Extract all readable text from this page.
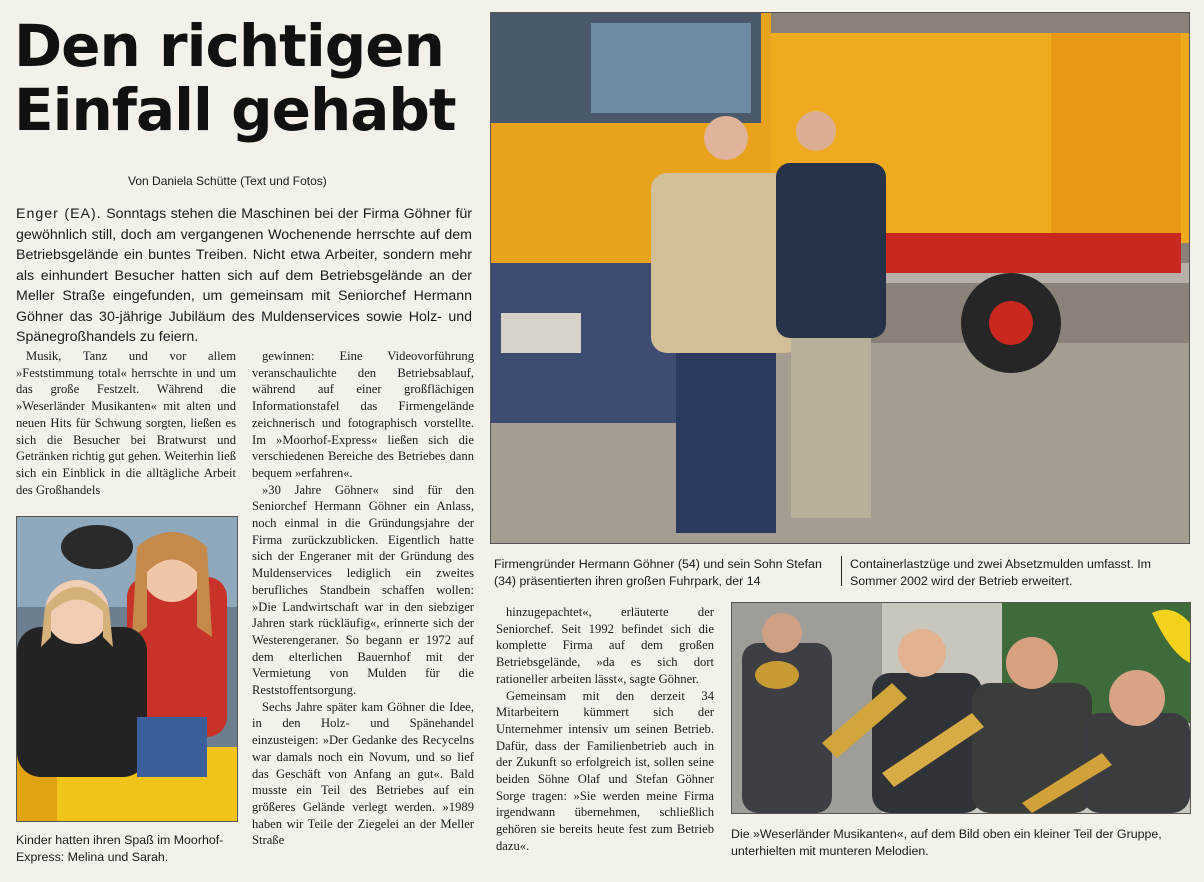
Den richtigen
Einfall gehabt
Von Daniela Schütte (Text und Fotos)
Enger (EA). Sonntags stehen die Maschinen bei der Firma Göhner für gewöhnlich still, doch am vergangenen Wochenende herrschte auf dem Betriebsgelände ein buntes Treiben. Nicht etwa Arbeiter, sondern mehr als einhundert Besucher hatten sich auf dem Betriebsgelände an der Meller Straße eingefunden, um gemeinsam mit Seniorchef Hermann Göhner das 30-jährige Jubiläum des Muldenservices sowie Holz- und Spänegroßhandels zu feiern.

Musik, Tanz und vor allem »Feststimmung total« herrschte in und um das große Festzelt. Während die »Weserländer Musikanten« mit alten und neuen Hits für Schwung sorgten, ließen es sich die Besucher bei Bratwurst und Getränken richtig gut gehen. Weiterhin ließ sich ein Einblick in die alltägliche Arbeit des Großhandels

gewinnen: Eine Videovorführung veranschaulichte den Betriebsablauf, während auf einer großflächigen Informationstafel das Firmengelände zeichnerisch und fotographisch vorstellte. Im »Moorhof-Express« ließen sich die verschiedenen Bereiche des Betriebes dann bequem »erfahren«.

»30 Jahre Göhner« sind für den Seniorchef Hermann Göhner ein Anlass, noch einmal in die Gründungsjahre der Firma zurückzublicken. Eigentlich hatte sich der Engeraner mit der Gründung des Muldenservices lediglich ein zweites berufliches Standbein schaffen wollen: »Die Landwirtschaft war in den siebziger Jahren stark rückläufig«, erinnerte sich der Westerengeraner. So begann er 1972 auf dem elterlichen Bauernhof mit der Vermietung von Mulden für die Reststoffentsorgung.

Sechs Jahre später kam Göhner die Idee, in den Holz- und Spänehandel einzusteigen: »Der Gedanke des Recycelns war damals noch ein Novum, und so lief das Geschäft von Anfang an gut«. Bald musste ein Teil des Betriebes auf ein größeres Gelände verlegt werden. »1989 haben wir Teile der Ziegelei an der Meller Straße

hinzugepachtet«, erläuterte der Seniorchef. Seit 1992 befindet sich die komplette Firma auf dem großen Betriebsgelände, »da es sich dort rationeller arbeiten lässt«, sagte Göhner.

Gemeinsam mit den derzeit 34 Mitarbeitern kümmert sich der Unternehmer intensiv um seinen Betrieb. Dafür, dass der Familienbetrieb auch in der Zukunft so erfolgreich ist, sollen seine beiden Söhne Olaf und Stefan Göhner Sorge tragen: »Sie werden meine Firma irgendwann übernehmen, schließlich gehören sie bereits heute fest zum Betrieb dazu«.

Firmengründer Hermann Göhner (54) und sein Sohn Stefan (34) präsentierten ihren großen Fuhrpark, der 14
Containerlastzüge und zwei Absetzmulden umfasst. Im Sommer 2002 wird der Betrieb erweitert.
Kinder hatten ihren Spaß im Moorhof-Express: Melina und Sarah.
Die »Weserländer Musikanten«, auf dem Bild oben ein kleiner Teil der Gruppe, unterhielten mit munteren Melodien.
